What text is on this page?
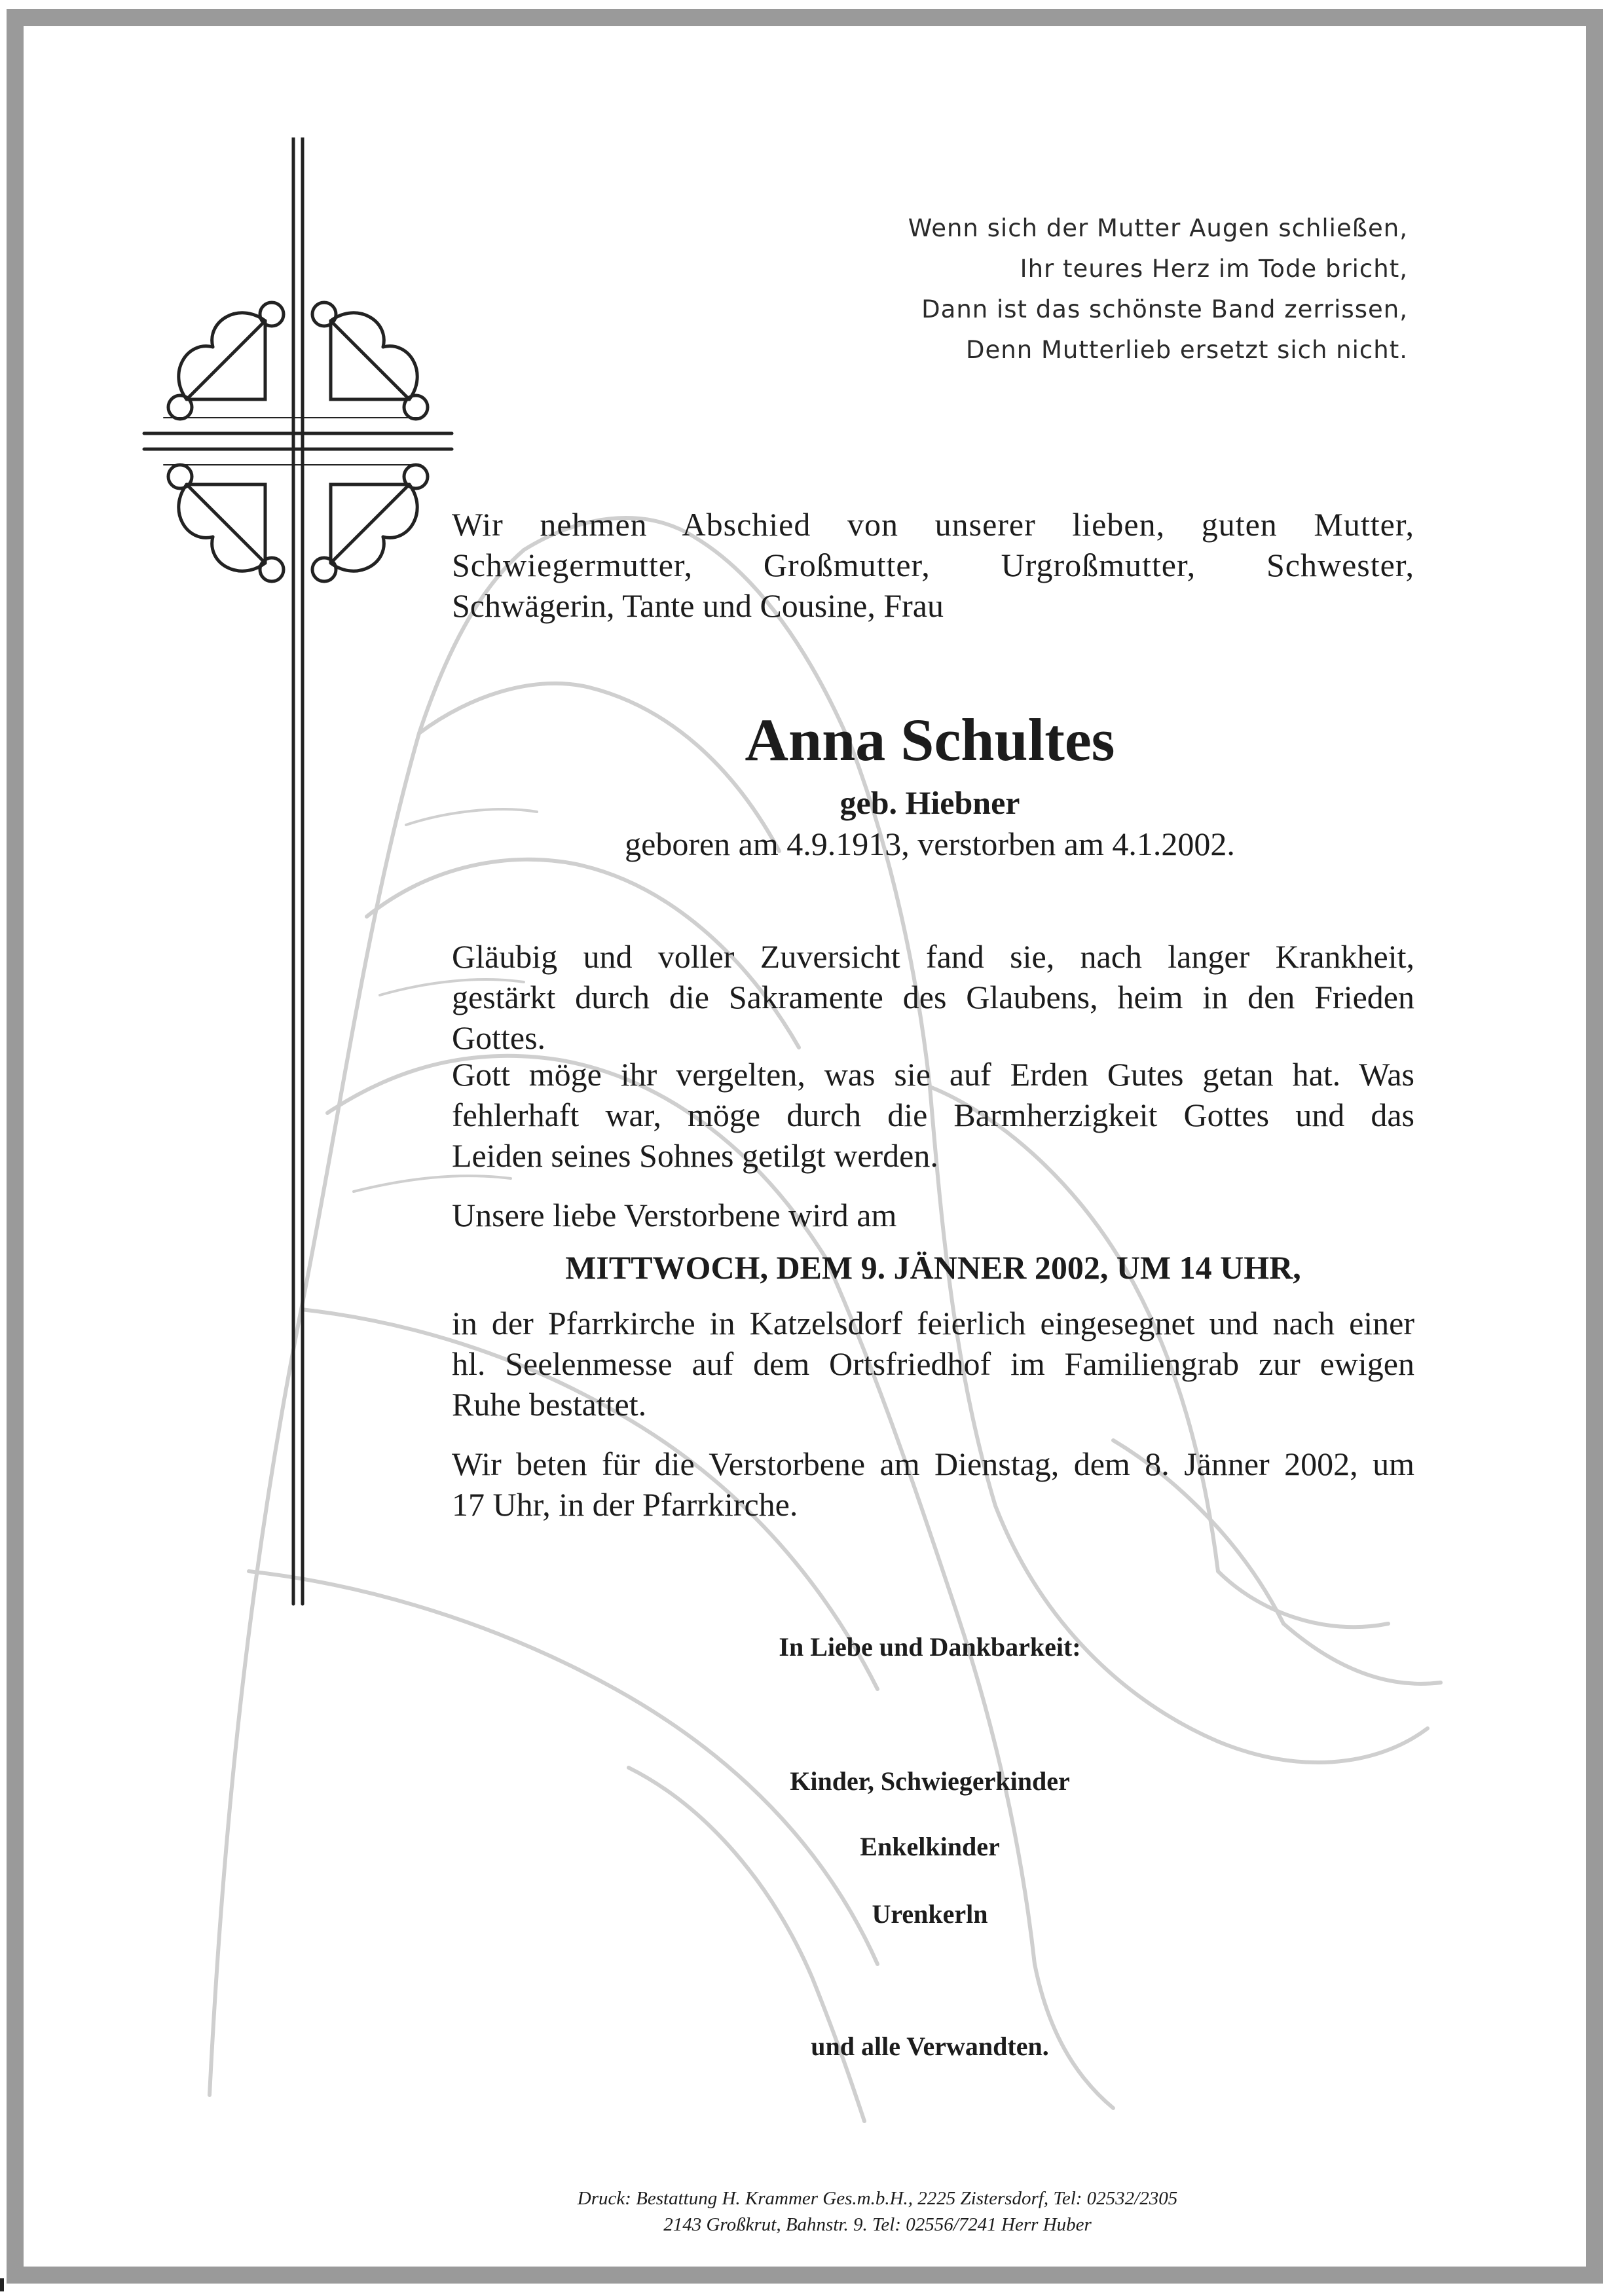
Wenn sich der Mutter Augen schließen,
Ihr teures Herz im Tode bricht,
Dann ist das schönste Band zerrissen,
Denn Mutterlieb ersetzt sich nicht.
Wir nehmen Abschied von unserer lieben, guten Mutter,
Schwiegermutter, Großmutter, Urgroßmutter, Schwester,
Schwägerin, Tante und Cousine, Frau
Anna Schultes
geb. Hiebner
geboren am 4.9.1913, verstorben am 4.1.2002.
Gläubig und voller Zuversicht fand sie, nach langer Krankheit,
gestärkt durch die Sakramente des Glaubens, heim in den Frieden
Gottes.
Gott möge ihr vergelten, was sie auf Erden Gutes getan hat. Was
fehlerhaft war, möge durch die Barmherzigkeit Gottes und das
Leiden seines Sohnes getilgt werden.
Unsere liebe Verstorbene wird am
MITTWOCH, DEM 9. JÄNNER 2002, UM 14 UHR,
in der Pfarrkirche in Katzelsdorf feierlich eingesegnet und nach einer
hl. Seelenmesse auf dem Ortsfriedhof im Familiengrab zur ewigen
Ruhe bestattet.
Wir beten für die Verstorbene am Dienstag, dem 8. Jänner 2002, um
17 Uhr, in der Pfarrkirche.
In Liebe und Dankbarkeit:
Kinder, Schwiegerkinder
Enkelkinder
Urenkerln
und alle Verwandten.
Druck: Bestattung H. Krammer Ges.m.b.H., 2225 Zistersdorf, Tel: 02532/2305
2143 Großkrut, Bahnstr. 9. Tel: 02556/7241 Herr Huber
